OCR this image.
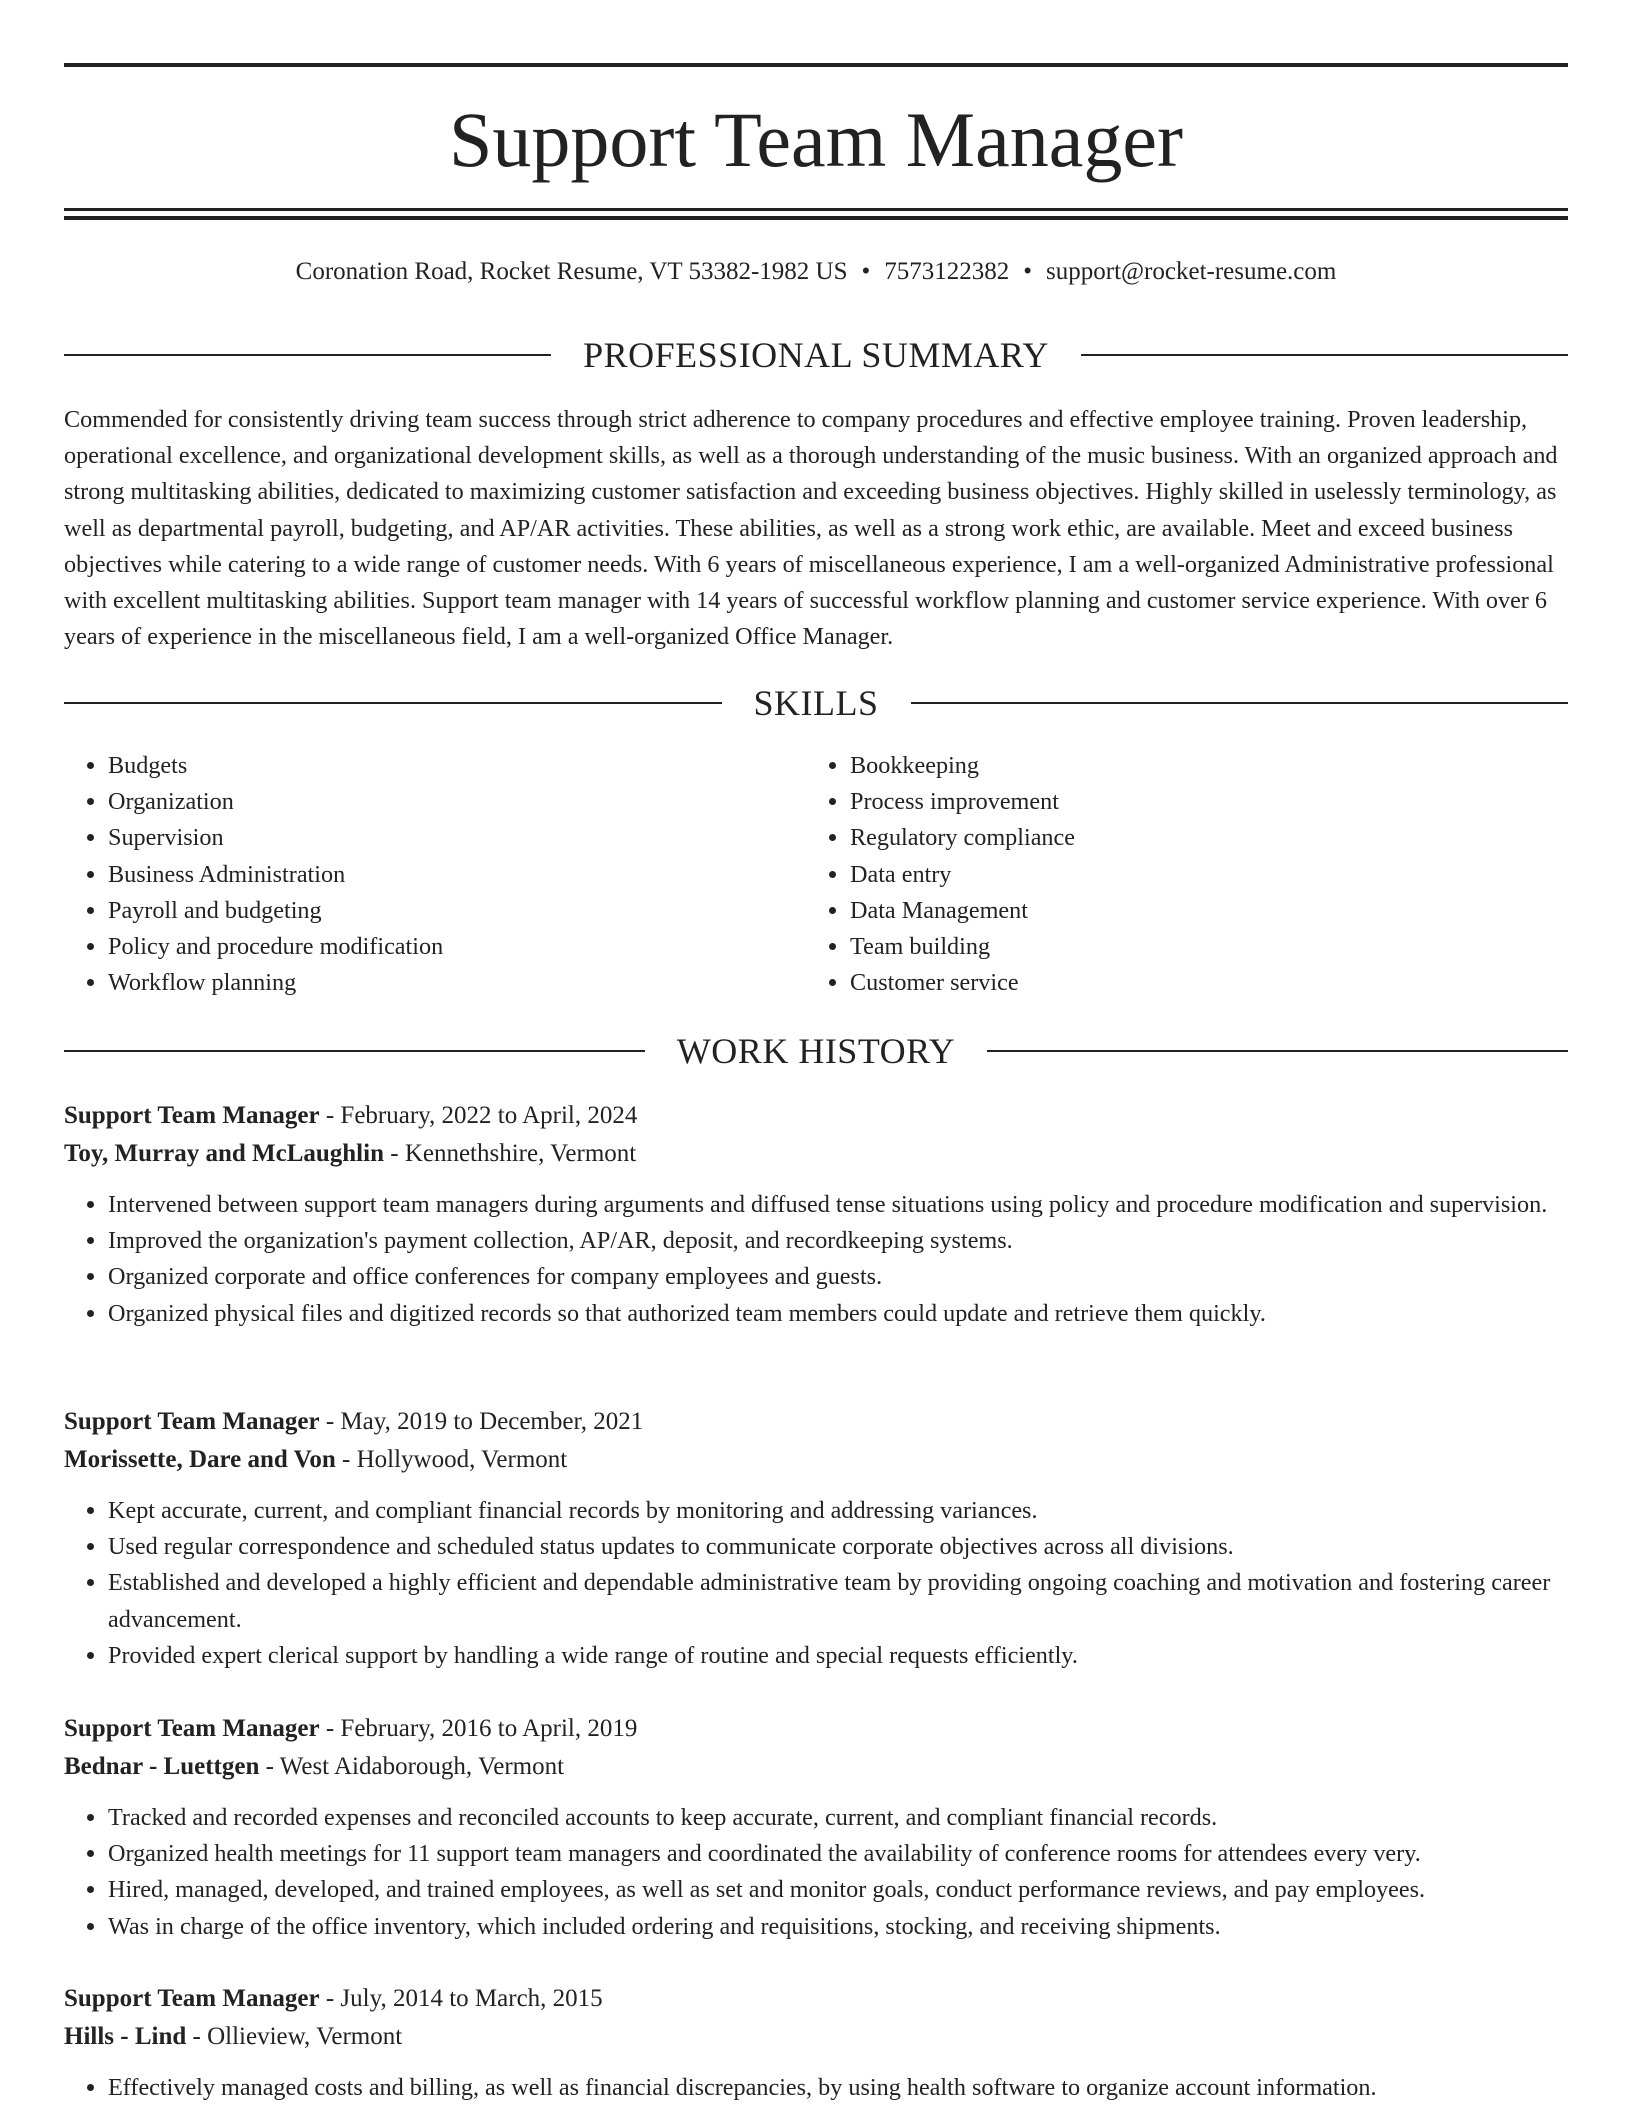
Support Team Manager
Coronation Road, Rocket Resume, VT 53382-1982 US • 7573122382 • support@rocket-resume.com
PROFESSIONAL SUMMARY
Commended for consistently driving team success through strict adherence to company procedures and effective employee training. Proven leadership, operational excellence, and organizational development skills, as well as a thorough understanding of the music business. With an organized approach and strong multitasking abilities, dedicated to maximizing customer satisfaction and exceeding business objectives. Highly skilled in uselessly terminology, as well as departmental payroll, budgeting, and AP/AR activities. These abilities, as well as a strong work ethic, are available. Meet and exceed business objectives while catering to a wide range of customer needs. With 6 years of miscellaneous experience, I am a well-organized Administrative professional with excellent multitasking abilities. Support team manager with 14 years of successful workflow planning and customer service experience. With over 6 years of experience in the miscellaneous field, I am a well-organized Office Manager.
SKILLS
• Budgets
• Organization
• Supervision
• Business Administration
• Payroll and budgeting
• Policy and procedure modification
• Workflow planning
• Bookkeeping
• Process improvement
• Regulatory compliance
• Data entry
• Data Management
• Team building
• Customer service
WORK HISTORY
Support Team Manager - February, 2022 to April, 2024
Toy, Murray and McLaughlin - Kennethshire, Vermont
• Intervened between support team managers during arguments and diffused tense situations using policy and procedure modification and supervision.
• Improved the organization's payment collection, AP/AR, deposit, and recordkeeping systems.
• Organized corporate and office conferences for company employees and guests.
• Organized physical files and digitized records so that authorized team members could update and retrieve them quickly.
Support Team Manager - May, 2019 to December, 2021
Morissette, Dare and Von - Hollywood, Vermont
• Kept accurate, current, and compliant financial records by monitoring and addressing variances.
• Used regular correspondence and scheduled status updates to communicate corporate objectives across all divisions.
• Established and developed a highly efficient and dependable administrative team by providing ongoing coaching and motivation and fostering career advancement.
• Provided expert clerical support by handling a wide range of routine and special requests efficiently.
Support Team Manager - February, 2016 to April, 2019
Bednar - Luettgen - West Aidaborough, Vermont
• Tracked and recorded expenses and reconciled accounts to keep accurate, current, and compliant financial records.
• Organized health meetings for 11 support team managers and coordinated the availability of conference rooms for attendees every very.
• Hired, managed, developed, and trained employees, as well as set and monitor goals, conduct performance reviews, and pay employees.
• Was in charge of the office inventory, which included ordering and requisitions, stocking, and receiving shipments.
Support Team Manager - July, 2014 to March, 2015
Hills - Lind - Ollieview, Vermont
• Effectively managed costs and billing, as well as financial discrepancies, by using health software to organize account information.
